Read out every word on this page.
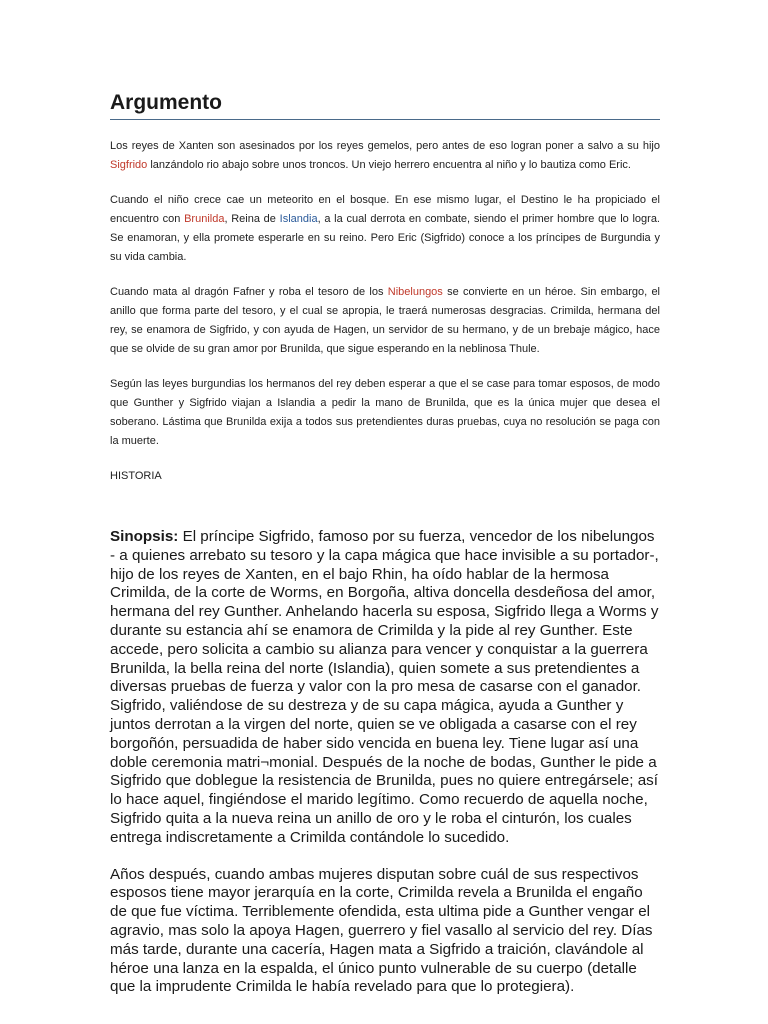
Argumento

Los reyes de Xanten son asesinados por los reyes gemelos, pero antes de eso logran poner a salvo a su hijo Sigfrido lanzándolo rio abajo sobre unos troncos. Un viejo herrero encuentra al niño y lo bautiza como Eric.

Cuando el niño crece cae un meteorito en el bosque. En ese mismo lugar, el Destino le ha propiciado el encuentro con Brunilda, Reina de Islandia, a la cual derrota en combate, siendo el primer hombre que lo logra. Se enamoran, y ella promete esperarle en su reino. Pero Eric (Sigfrido) conoce a los príncipes de Burgundia y su vida cambia.

Cuando mata al dragón Fafner y roba el tesoro de los Nibelungos se convierte en un héroe. Sin embargo, el anillo que forma parte del tesoro, y el cual se apropia, le traerá numerosas desgracias. Crimilda, hermana del rey, se enamora de Sigfrido, y con ayuda de Hagen, un servidor de su hermano, y de un brebaje mágico, hace que se olvide de su gran amor por Brunilda, que sigue esperando en la neblinosa Thule.

Según las leyes burgundias los hermanos del rey deben esperar a que el se case para tomar esposos, de modo que Gunther y Sigfrido viajan a Islandia a pedir la mano de Brunilda, que es la única mujer que desea el soberano. Lástima que Brunilda exija a todos sus pretendientes duras pruebas, cuya no resolución se paga con la muerte.

HISTORIA

Sinopsis: El príncipe Sigfrido, famoso por su fuerza, vencedor de los nibelungos - a quienes arrebato su tesoro y la capa mágica que hace invisible a su portador-, hijo de los reyes de Xanten, en el bajo Rhin, ha oído hablar de la hermosa Crimilda, de la corte de Worms, en Borgoña, altiva doncella desdeñosa del amor, hermana del rey Gunther. Anhelando hacerla su esposa, Sigfrido llega a Worms y durante su estancia ahí se enamora de Crimilda y la pide al rey Gunther. Este accede, pero solicita a cambio su alianza para vencer y conquistar a la guerrera Brunilda, la bella reina del norte (Islandia), quien somete a sus pretendientes a diversas pruebas de fuerza y valor con la pro mesa de casarse con el ganador. Sigfrido, valiéndose de su destreza y de su capa mágica, ayuda a Gunther y juntos derrotan a la virgen del norte, quien se ve obligada a casarse con el rey borgoñón, persuadida de haber sido vencida en buena ley. Tiene lugar así una doble ceremonia matri¬monial. Después de la noche de bodas, Gunther le pide a Sigfrido que doblegue la resistencia de Brunilda, pues no quiere entregársele; así lo hace aquel, fingiéndose el marido legítimo. Como recuerdo de aquella noche, Sigfrido quita a la nueva reina un anillo de oro y le roba el cinturón, los cuales entrega indiscretamente a Crimilda contándole lo sucedido.

Años después, cuando ambas mujeres disputan sobre cuál de sus respectivos esposos tiene mayor jerarquía en la corte, Crimilda revela a Brunilda el engaño de que fue víctima. Terriblemente ofendida, esta ultima pide a Gunther vengar el agravio, mas solo la apoya Hagen, guerrero y fiel vasallo al servicio del rey. Días más tarde, durante una cacería, Hagen mata a Sigfrido a traición, clavándole al héroe una lanza en la espalda, el único punto vulnerable de su cuerpo (detalle que la imprudente Crimilda le había revelado para que lo protegiera).
